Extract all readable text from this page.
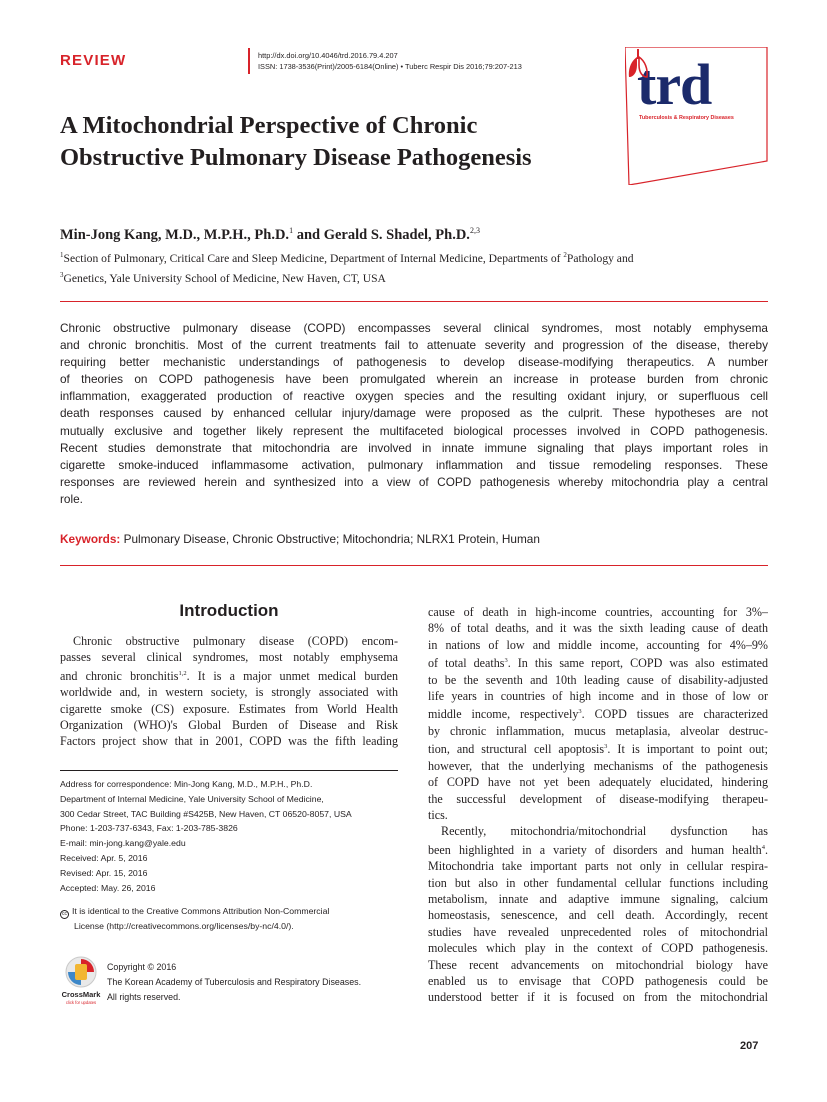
REVIEW	http://dx.doi.org/10.4046/trd.2016.79.4.207
ISSN: 1738-3536(Print)/2005-6184(Online) • Tuberc Respir Dis 2016;79:207-213 trd
Tuberculosis & Respiratory Diseases
A Mitochondrial Perspective of Chronic
Obstructive Pulmonary Disease Pathogenesis
Min-Jong Kang, M.D., M.P.H., Ph.D.$^1$ and Gerald S. Shadel, Ph.D.$^{2,3}$
$^1$Section of Pulmonary, Critical Care and Sleep Medicine, Department of Internal Medicine, Departments of $^2$Pathology and
$^3$Genetics, Yale University School of Medicine, New Haven, CT, USA
Chronic obstructive pulmonary disease (COPD) encompasses several clinical syndromes, most notably emphysema
and chronic bronchitis. Most of the current treatments fail to attenuate severity and progression of the disease, thereby
requiring better mechanistic understandings of pathogenesis to develop disease-modifying therapeutics. A number
of theories on COPD pathogenesis have been promulgated wherein an increase in protease burden from chronic
inflammation, exaggerated production of reactive oxygen species and the resulting oxidant injury, or superfluous cell
death responses caused by enhanced cellular injury/damage were proposed as the culprit. These hypotheses are not
mutually exclusive and together likely represent the multifaceted biological processes involved in COPD pathogenesis.
Recent studies demonstrate that mitochondria are involved in innate immune signaling that plays important roles in
cigarette smoke-induced inflammasome activation, pulmonary inflammation and tissue remodeling responses. These
responses are reviewed herein and synthesized into a view of COPD pathogenesis whereby mitochondria play a central
role.
Keywords: Pulmonary Disease, Chronic Obstructive; Mitochondria; NLRX1 Protein, Human
Introduction
Chronic obstructive pulmonary disease (COPD) encom-
passes several clinical syndromes, most notably emphysema
and chronic bronchitis$^{1,2}$. It is a major unmet medical burden
worldwide and, in western society, is strongly associated with
cigarette smoke (CS) exposure. Estimates from World Health
Organization (WHO)'s Global Burden of Disease and Risk
Factors project show that in 2001, COPD was the fifth leading
cause of death in high-income countries, accounting for 3%–
8% of total deaths, and it was the sixth leading cause of death
in nations of low and middle income, accounting for 4%–9%
of total deaths$^3$. In this same report, COPD was also estimated
to be the seventh and 10th leading cause of disability-adjusted
life years in countries of high income and in those of low or
middle income, respectively$^3$. COPD tissues are characterized
by chronic inflammation, mucus metaplasia, alveolar destruc-
tion, and structural cell apoptosis$^3$. It is important to point out;
however, that the underlying mechanisms of the pathogenesis
of COPD have not yet been adequately elucidated, hindering
the successful development of disease-modifying therapeu-
tics.
Recently, mitochondria/mitochondrial dysfunction has
been highlighted in a variety of disorders and human health$^4$.
Mitochondria take important parts not only in cellular respira-
tion but also in other fundamental cellular functions including
metabolism, innate and adaptive immune signaling, calcium
homeostasis, senescence, and cell death. Accordingly, recent
studies have revealed unprecedented roles of mitochondrial
molecules which play in the context of COPD pathogenesis.
These recent advancements on mitochondrial biology have
enabled us to envisage that COPD pathogenesis could be
understood better if it is focused on from the mitochondrial
Address for correspondence: Min-Jong Kang, M.D., M.P.H., Ph.D.
Department of Internal Medicine, Yale University School of Medicine,
300 Cedar Street, TAC Building #S425B, New Haven, CT 06520-8057, USA
Phone: 1-203-737-6343, Fax: 1-203-785-3826
E-mail: min-jong.kang@yale.edu
Received: Apr. 5, 2016
Revised: Apr. 15, 2016
Accepted: May. 26, 2016
cc It is identical to the Creative Commons Attribution Non-Commercial
License (http://creativecommons.org/licenses/by-nc/4.0/).
CrossMark
click for updates
Copyright © 2016
The Korean Academy of Tuberculosis and Respiratory Diseases.
All rights reserved.
207
